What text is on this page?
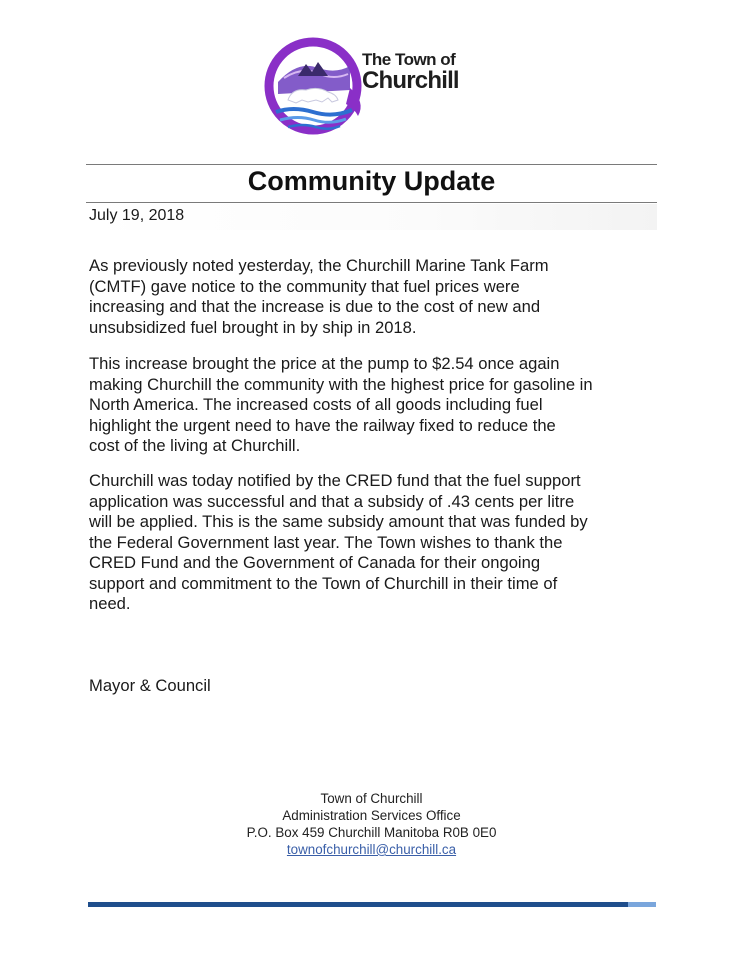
The Town of
Churchill
Community Update
July 19, 2018
As previously noted yesterday, the Churchill Marine Tank Farm
(CMTF) gave notice to the community that fuel prices were
increasing and that the increase is due to the cost of new and
unsubsidized fuel brought in by ship in 2018.
This increase brought the price at the pump to $2.54 once again
making Churchill the community with the highest price for gasoline in
North America. The increased costs of all goods including fuel
highlight the urgent need to have the railway fixed to reduce the
cost of the living at Churchill.
Churchill was today notified by the CRED fund that the fuel support
application was successful and that a subsidy of .43 cents per litre
will be applied. This is the same subsidy amount that was funded by
the Federal Government last year. The Town wishes to thank the
CRED Fund and the Government of Canada for their ongoing
support and commitment to the Town of Churchill in their time of
need.
Mayor & Council
Town of Churchill
Administration Services Office
P.O. Box 459 Churchill Manitoba R0B 0E0
townofchurchill@churchill.ca
